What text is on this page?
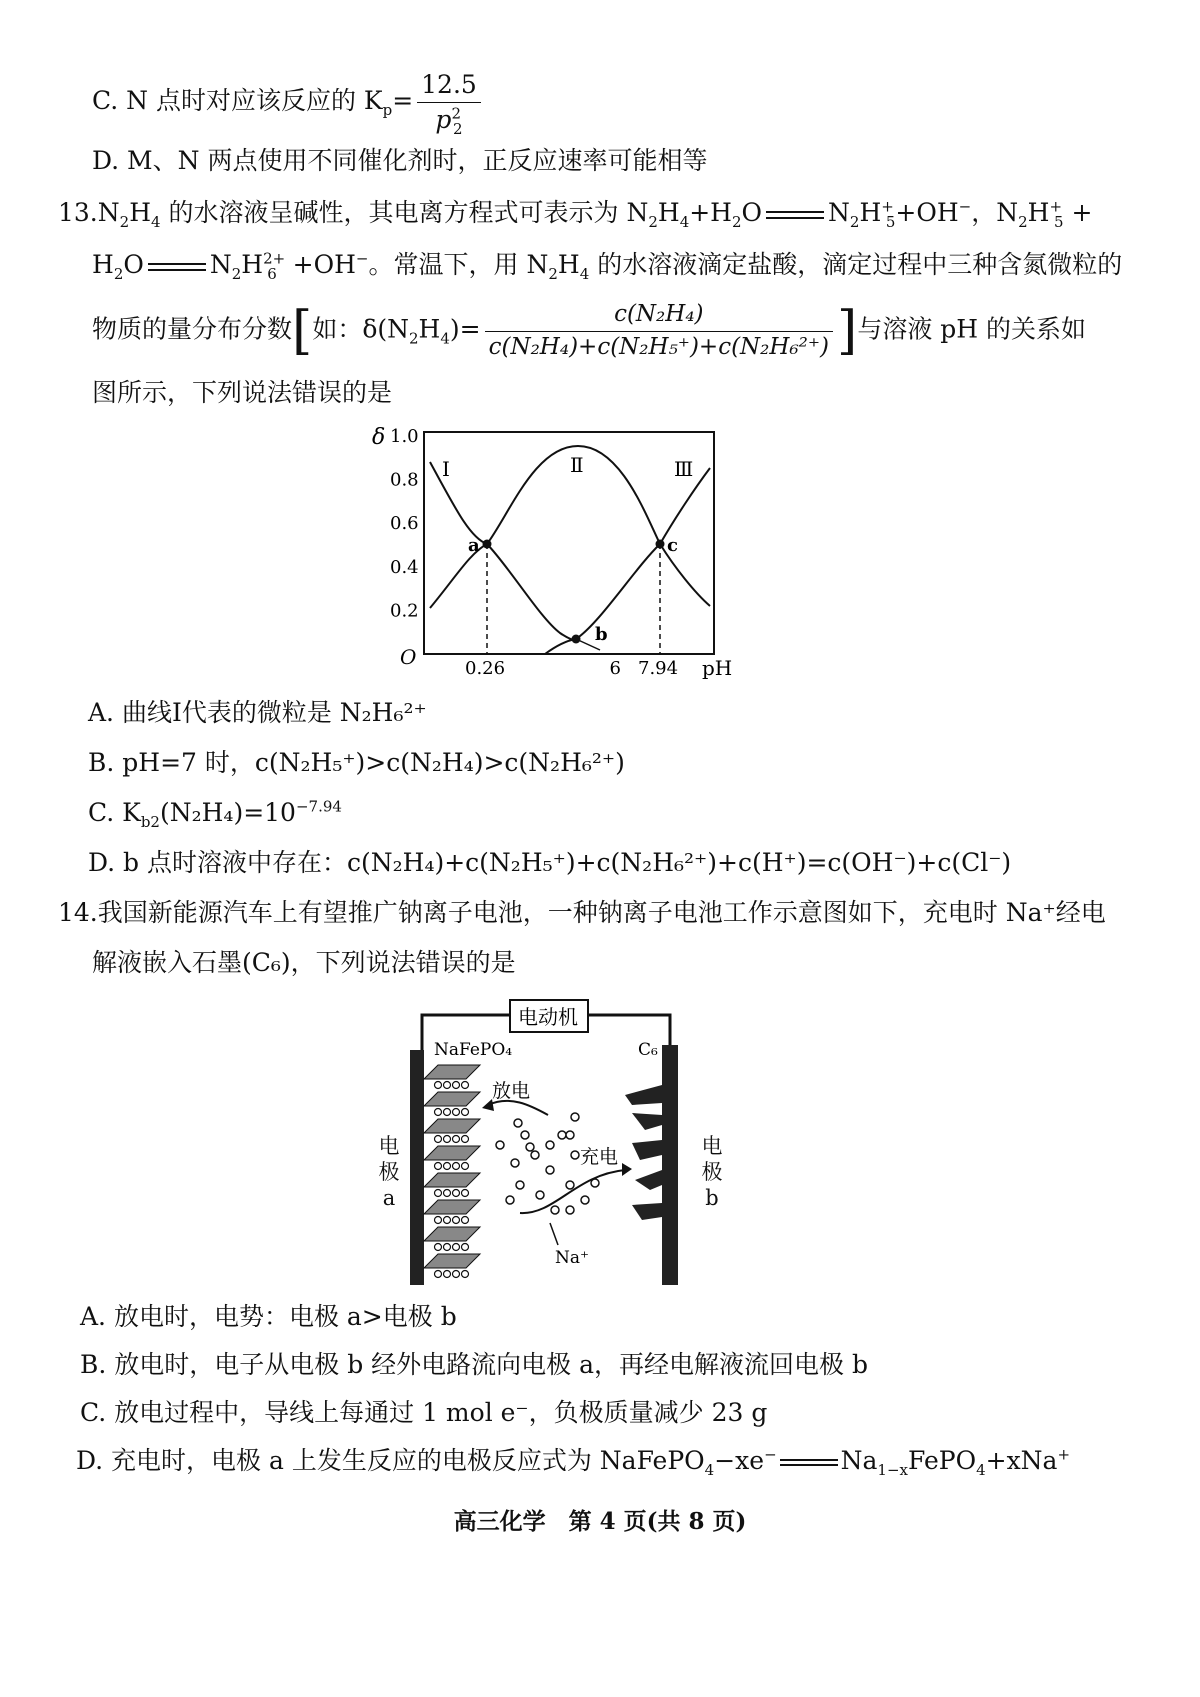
C. N 点时对应该反应的 $K_p= \frac{12.5}{p^2_2}$
D. M、N 两点使用不同催化剂时，正反应速率可能相等
$13.N_2H_4$ 的水溶液呈碱性，其电离方程式可表示为 $N_2H_4+H_2O$	$N_2H^+_5+OH^-$，$N_2H^+_5$ +
$H_2O$	$N_2H^{2+}_6 +OH^-$。常温下，用 $N_2H_4$ 的水溶液滴定盐酸，滴定过程中三种含氮微粒的
物质的量分布分数[如：$\delta(N_2H_4)= \frac{\text{c(N₂H₄)}}{\text{c(N₂H₄)+c(N₂H₅⁺)+c(N₂H₆²⁺)}}$ ]与溶液 pH 的关系如
图所示，下列说法错误的是
0.2
0.4
0.6
0.8
1.0
0.26	6 7.94
δ
pH
O
a
b
c
Ⅰ	Ⅱ	Ⅲ
A. 曲线Ⅰ代表的微粒是 N₂H₆²⁺
B. pH=7 时，c(N₂H₅⁺)>c(N₂H₄)>c(N₂H₆²⁺)
C. $K_{b2}(N_2H_4)=10^{-7.94}$
D. b 点时溶液中存在：c(N₂H₄)+c(N₂H₅⁺)+c(N₂H₆²⁺)+c(H⁺)=c(OH⁻)+c(Cl⁻)
14.我国新能源汽车上有望推广钠离子电池，一种钠离子电池工作示意图如下，充电时 Na⁺经电
解液嵌入石墨(C₆)，下列说法错误的是
电动机
NaFePO₄	C₆
放电
充电
Na⁺
电
极
a
电
极
b
A. 放电时，电势：电极 a>电极 b
B. 放电时，电子从电极 b 经外电路流向电极 a，再经电解液流回电极 b
C. 放电过程中，导线上每通过 1 mol e⁻，负极质量减少 23 g
D. 充电时，电极 a 上发生反应的电极反应式为 NaFePO$_4$−xe−	$Na_{1-x}FePO_4+xNa^+$
高三化学　第 4 页(共 8 页)
